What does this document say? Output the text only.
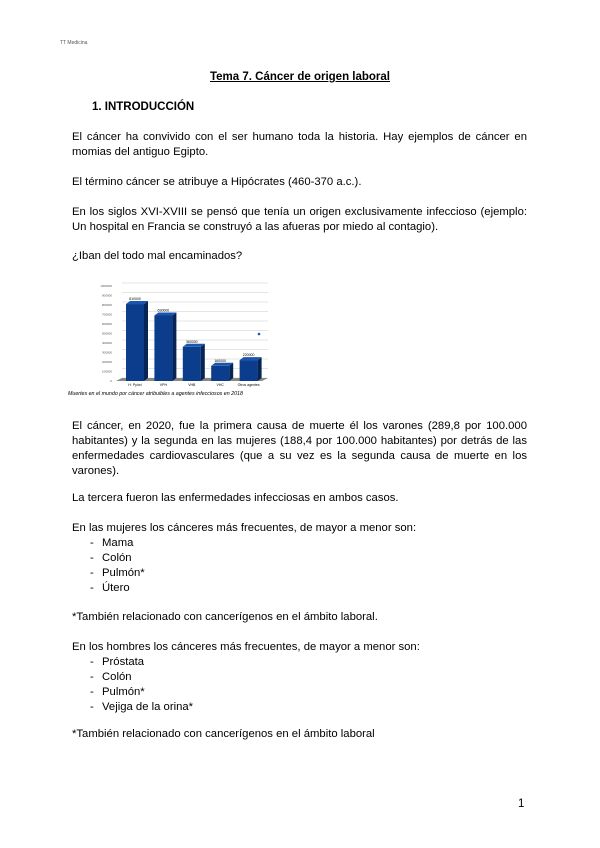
TT Medicina
Tema 7. Cáncer de origen laboral
1. INTRODUCCIÓN
El cáncer ha convivido con el ser humano toda la historia. Hay ejemplos de cáncer en momias del antiguo Egipto.
El término cáncer se atribuye a Hipócrates (460-370 a.c.).
En los siglos XVI-XVIII se pensó que tenía un origen exclusivamente infeccioso (ejemplo: Un hospital en Francia se construyó a las afueras por miedo al contagio).
¿Iban del todo mal encaminados?
0
100000
200000
300000
400000
500000
600000
700000
800000
900000
1000000
810000
H. Pylori
690000
VPH
360000
VHB
160000
VHC
220000
Otros agentes
Muertes en el mundo por cáncer atribuibles a agentes infecciosos en 2018
El cáncer, en 2020, fue la primera causa de muerte él los varones (289,8 por 100.000 habitantes) y la segunda en las mujeres (188,4 por 100.000 habitantes) por detrás de las enfermedades cardiovasculares (que a su vez es la segunda causa de muerte en los varones).
La tercera fueron las enfermedades infecciosas en ambos casos.
En las mujeres los cánceres más frecuentes, de mayor a menor son:
- Mama
- Colón
- Pulmón*
- Útero
*También relacionado con cancerígenos en el ámbito laboral.
En los hombres los cánceres más frecuentes, de mayor a menor son:
- Próstata
- Colón
- Pulmón*
- Vejiga de la orina*
*También relacionado con cancerígenos en el ámbito laboral
1
